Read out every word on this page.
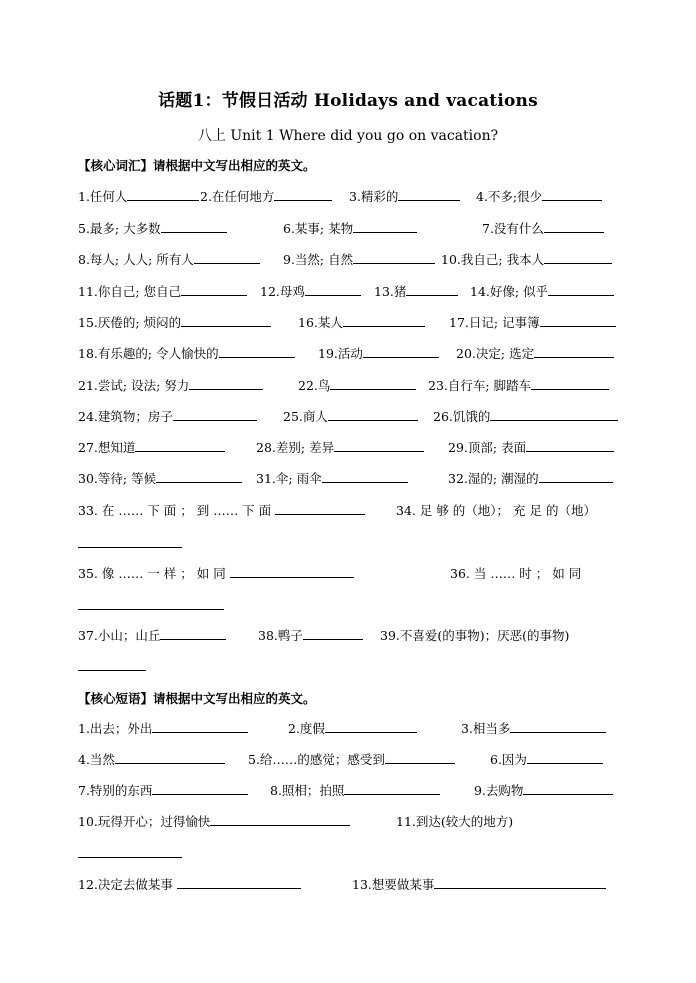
话题1：节假日活动 Holidays and vacations
八上 Unit 1 Where did you go on vacation?
【核心词汇】请根据中文写出相应的英文。
1.任何人	2.在任何地方	3.精彩的	4.不多;很少
5.最多; 大多数	6.某事; 某物	7.没有什么
8.每人; 人人; 所有人	9.当然; 自然	10.我自己; 我本人
11.你自己; 您自己	12.母鸡	13.猪	14.好像; 似乎
15.厌倦的; 烦闷的	16.某人	17.日记; 记事簿
18.有乐趣的; 令人愉快的	19.活动	20.决定; 选定
21.尝试; 设法; 努力	22.鸟	23.自行车; 脚踏车
24.建筑物；房子	25.商人	26.饥饿的
27.想知道	28.差别; 差异	29.顶部; 表面
30.等待; 等候	31.伞; 雨伞	32.湿的; 潮湿的
33. 在 …… 下 面 ； 到 …… 下 面	34. 足 够 的（地）； 充 足 的（地）
35. 像 …… 一 样 ； 如 同	36. 当 …… 时 ； 如 同
37.小山；山丘	38.鸭子	39.不喜爱(的事物)；厌恶(的事物)
【核心短语】请根据中文写出相应的英文。
1.出去；外出	2.度假	3.相当多
4.当然	5.给……的感觉；感受到	6.因为
7.特别的东西	8.照相；拍照	9.去购物
10.玩得开心；过得愉快	11.到达(较大的地方)
12.决定去做某事	13.想要做某事
